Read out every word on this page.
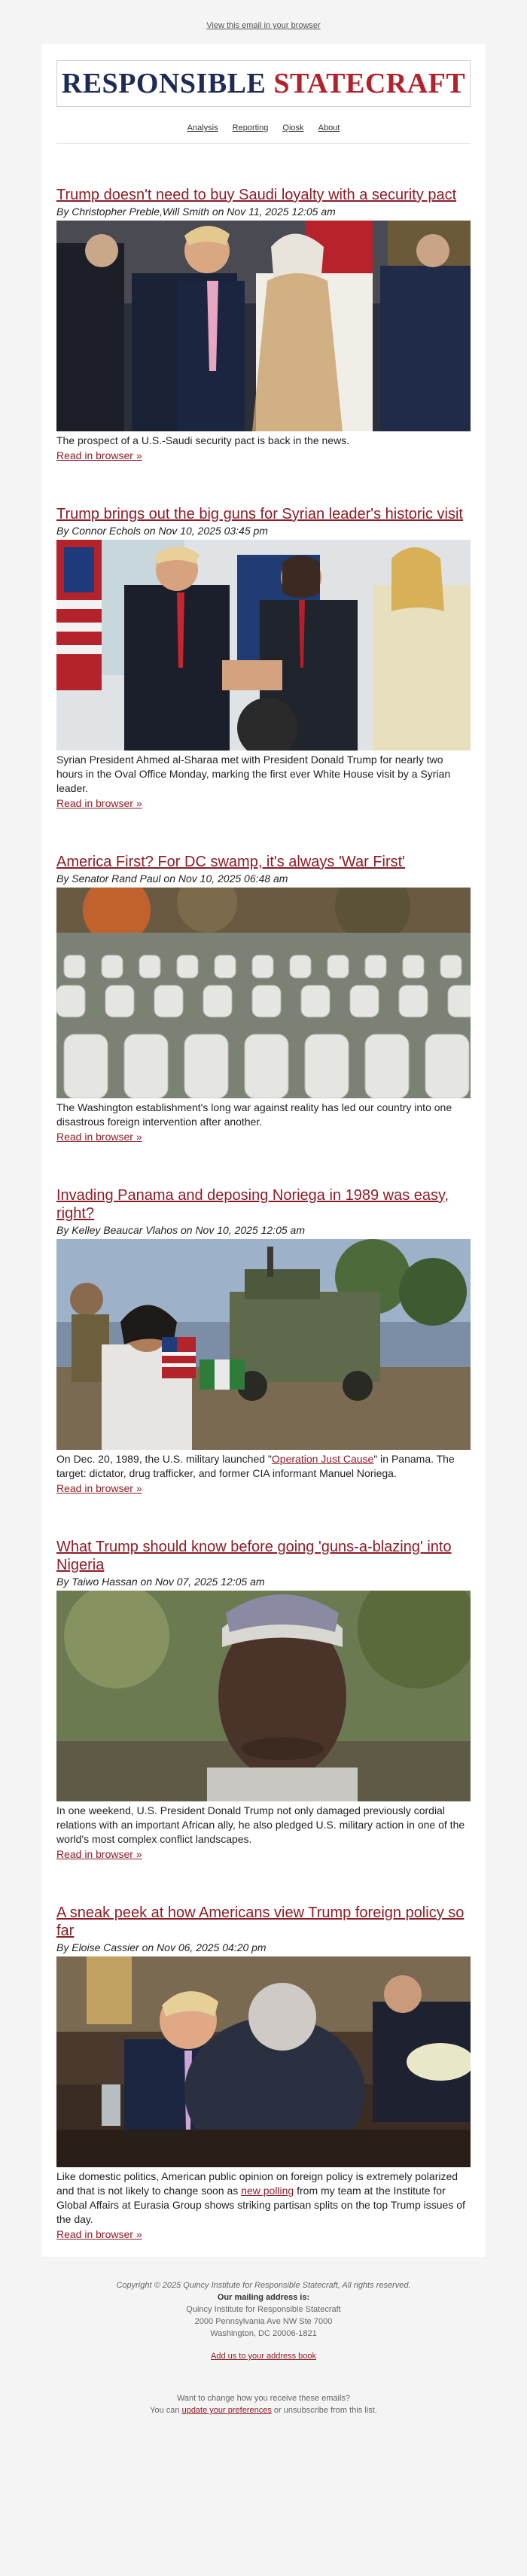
View this email in your browser
RESPONSIBLE STATECRAFT
Analysis Reporting Qiosk About
Trump doesn't need to buy Saudi loyalty with a security pact
By Christopher Preble,Will Smith on Nov 11, 2025 12:05 am
The prospect of a U.S.-Saudi security pact is back in the news.
Read in browser »
Trump brings out the big guns for Syrian leader's historic visit
By Connor Echols on Nov 10, 2025 03:45 pm
Syrian President Ahmed al-Sharaa met with President Donald Trump for nearly two hours in the Oval Office Monday, marking the first ever White House visit by a Syrian leader.
Read in browser »
America First? For DC swamp, it's always 'War First'
By Senator Rand Paul on Nov 10, 2025 06:48 am
The Washington establishment's long war against reality has led our country into one disastrous foreign intervention after another.
Read in browser »
Invading Panama and deposing Noriega in 1989 was easy, right?
By Kelley Beaucar Vlahos on Nov 10, 2025 12:05 am
On Dec. 20, 1989, the U.S. military launched "Operation Just Cause" in Panama. The target: dictator, drug trafficker, and former CIA informant Manuel Noriega.
Read in browser »
What Trump should know before going 'guns-a-blazing' into Nigeria
By Taiwo Hassan on Nov 07, 2025 12:05 am
In one weekend, U.S. President Donald Trump not only damaged previously cordial relations with an important African ally, he also pledged U.S. military action in one of the world's most complex conflict landscapes.
Read in browser »
A sneak peek at how Americans view Trump foreign policy so far
By Eloise Cassier on Nov 06, 2025 04:20 pm
Like domestic politics, American public opinion on foreign policy is extremely polarized and that is not likely to change soon as new polling from my team at the Institute for Global Affairs at Eurasia Group shows striking partisan splits on the top Trump issues of the day.
Read in browser »
Copyright © 2025 Quincy Institute for Responsible Statecraft, All rights reserved.
Our mailing address is:
Quincy Institute for Responsible Statecraft
2000 Pennsylvania Ave NW Ste 7000
Washington, DC 20006-1821
Add us to your address book
Want to change how you receive these emails?
You can update your preferences or unsubscribe from this list.
